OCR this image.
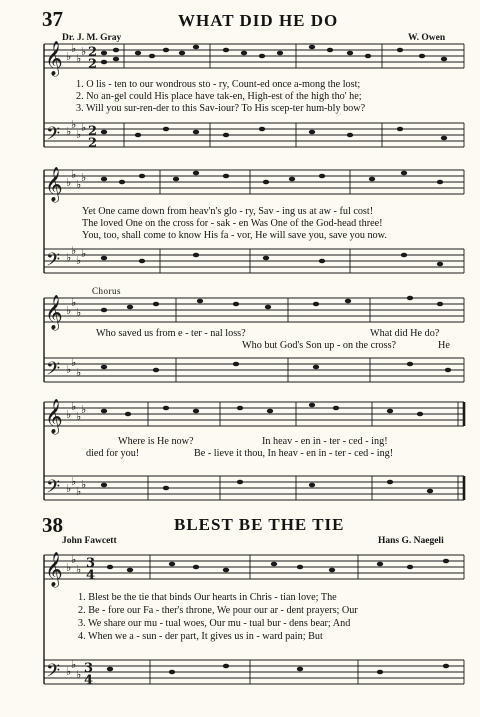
𝄞
𝄢
𝄞
𝄢
𝄞
𝄢
𝄞
𝄢
𝄞
𝄢
♭
♭
♭
♭
♭
♭
♭
♭
♭
♭
♭
♭
♭
♭
♭
♭
♭
♭
♭
♭
♭
♭
♭
♭
♭
♭
♭
♭
♭
♭
♭
♭
♭
♭
♭
♭
2
2
2
2
3
4
3
4
37	WHAT DID HE DO
Dr. J. M. Gray	W. Owen
1. O lis - ten to our wondrous sto - ry, Count-ed once a-mong the lost;
2. No an-gel could His place have tak-en, High-est of the high tho' he;
3. Will you sur-ren-der to this Sav-iour? To His scep-ter hum-bly bow?
Yet One came down from heav'n's glo - ry, Sav - ing us at aw - ful cost!
The loved One on the cross for - sak - en Was One of the God-head three!
You, too, shall come to know His fa - vor, He will save you, save you now.
Chorus
Who saved us from e - ter - nal loss?	What did He do?
Who but God's Son up - on the cross?	He
Where is He now?	In heav - en in - ter - ced - ing!
died for you!	Be - lieve it thou, In heav - en in - ter - ced - ing!
38	BLEST BE THE TIE
John Fawcett	Hans G. Naegeli
1. Blest be the tie that binds Our hearts in Chris - tian love; The
2. Be - fore our Fa - ther's throne, We pour our ar - dent prayers; Our
3. We share our mu - tual woes, Our mu - tual bur - dens bear; And
4. When we a - sun - der part, It gives us in - ward pain; But
